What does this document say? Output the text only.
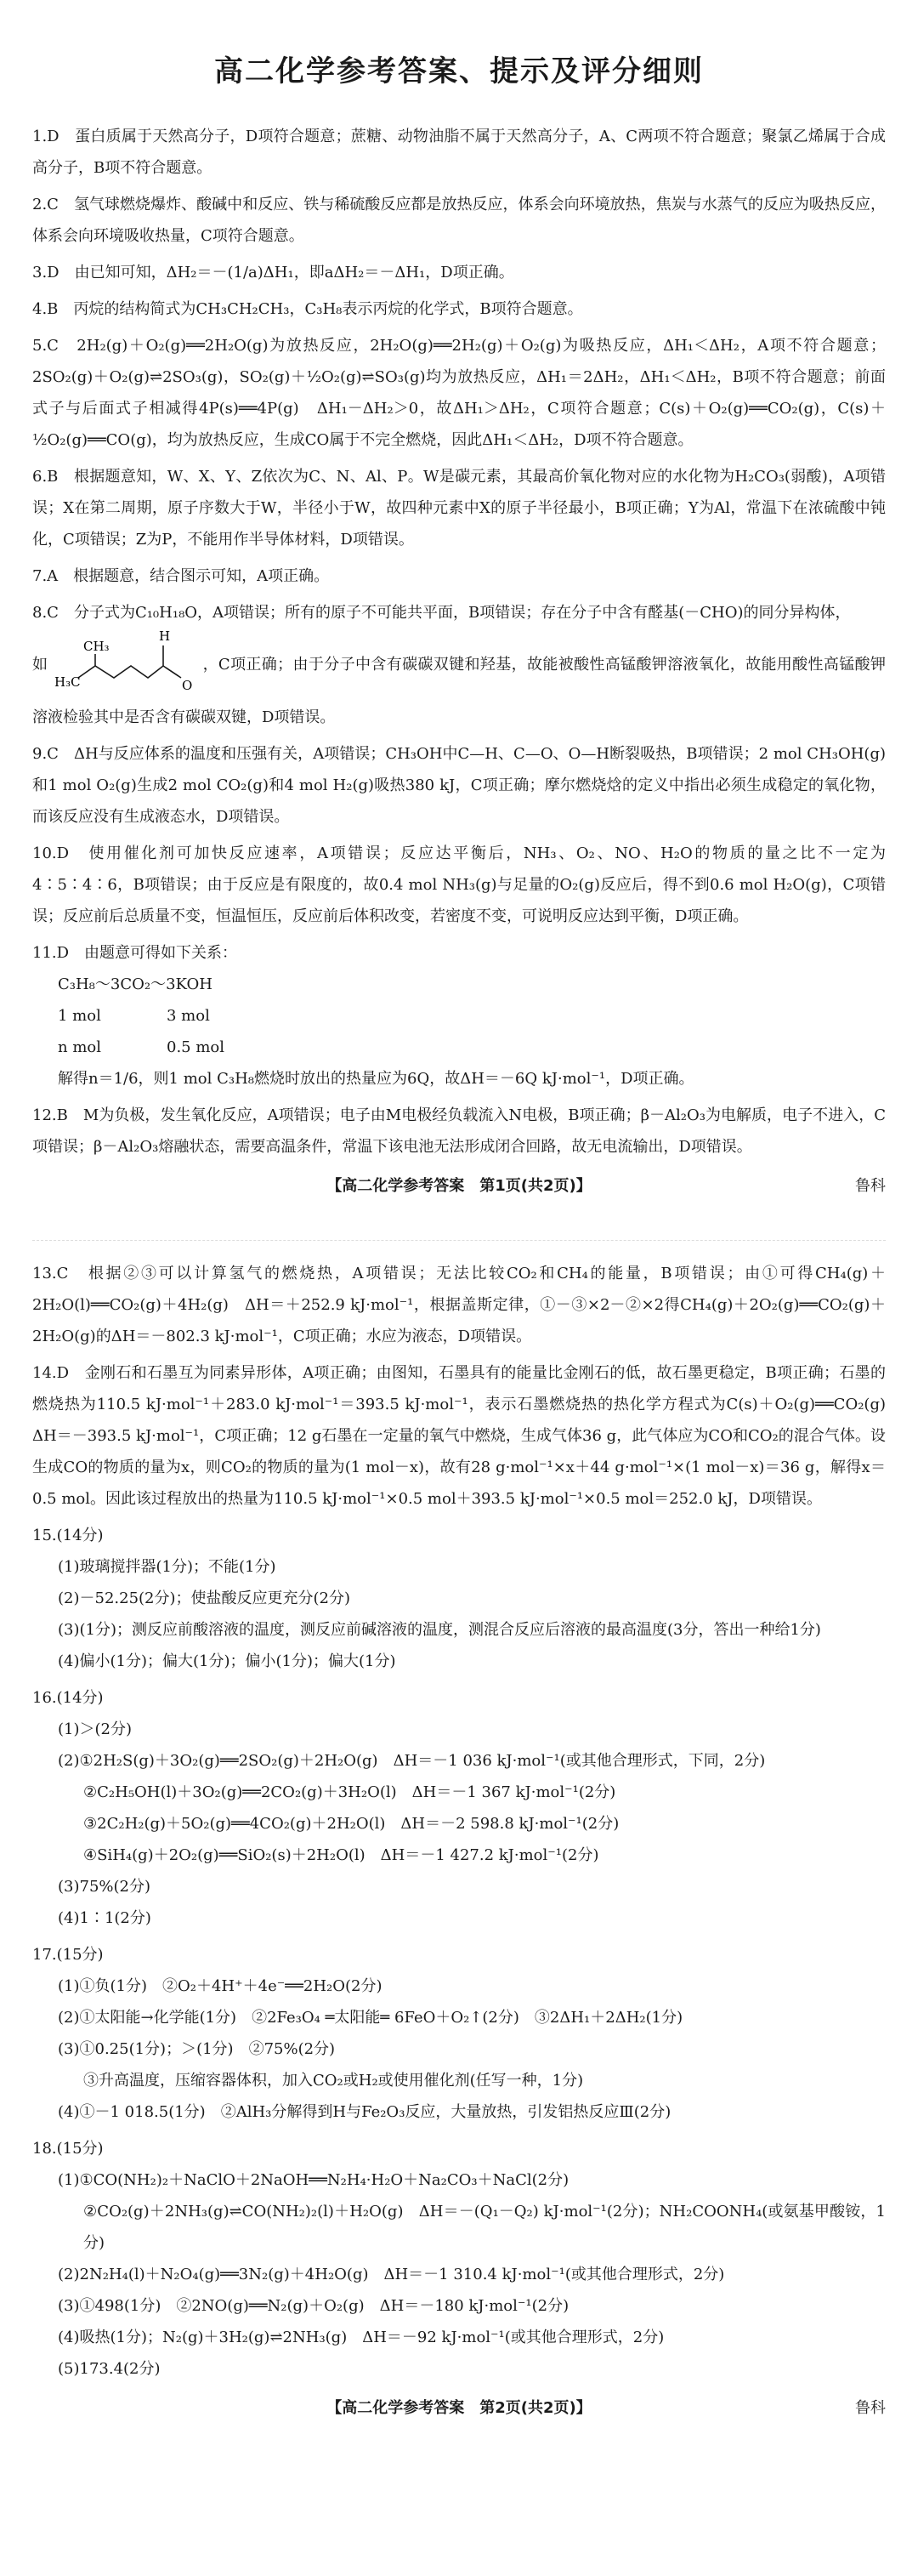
高二化学参考答案、提示及评分细则
1.D　蛋白质属于天然高分子，D项符合题意；蔗糖、动物油脂不属于天然高分子，A、C两项不符合题意；聚氯乙烯属于合成高分子，B项不符合题意。
2.C　氢气球燃烧爆炸、酸碱中和反应、铁与稀硫酸反应都是放热反应，体系会向环境放热，焦炭与水蒸气的反应为吸热反应，体系会向环境吸收热量，C项符合题意。
3.D　由已知可知，ΔH₂＝－(1/a)ΔH₁，即aΔH₂＝－ΔH₁，D项正确。
4.B　丙烷的结构简式为CH₃CH₂CH₃，C₃H₈表示丙烷的化学式，B项符合题意。
5.C　2H₂(g)＋O₂(g)══2H₂O(g)为放热反应，2H₂O(g)══2H₂(g)＋O₂(g)为吸热反应，ΔH₁＜ΔH₂，A项不符合题意；2SO₂(g)＋O₂(g)⇌2SO₃(g)，SO₂(g)＋½O₂(g)⇌SO₃(g)均为放热反应，ΔH₁＝2ΔH₂，ΔH₁＜ΔH₂，B项不符合题意；前面式子与后面式子相减得4P(s)══4P(g)　ΔH₁－ΔH₂＞0，故ΔH₁＞ΔH₂，C项符合题意；C(s)＋O₂(g)══CO₂(g)，C(s)＋½O₂(g)══CO(g)，均为放热反应，生成CO属于不完全燃烧，因此ΔH₁＜ΔH₂，D项不符合题意。
6.B　根据题意知，W、X、Y、Z依次为C、N、Al、P。W是碳元素，其最高价氧化物对应的水化物为H₂CO₃(弱酸)，A项错误；X在第二周期，原子序数大于W，半径小于W，故四种元素中X的原子半径最小，B项正确；Y为Al，常温下在浓硫酸中钝化，C项错误；Z为P，不能用作半导体材料，D项错误。
7.A　根据题意，结合图示可知，A项正确。
8.C　分子式为C₁₀H₁₈O，A项错误；所有的原子不可能共平面，B项错误；存在分子中含有醛基(－CHO)的同分异构体，
如
H₃C
CH₃
H
O
，C项正确；由于分子中含有碳碳双键和羟基，故能被酸性高锰酸钾溶液氧化，故能用酸性高锰酸钾溶液检验其中是否含有碳碳双键，D项错误。
9.C　ΔH与反应体系的温度和压强有关，A项错误；CH₃OH中C—H、C—O、O—H断裂吸热，B项错误；2 mol CH₃OH(g)和1 mol O₂(g)生成2 mol CO₂(g)和4 mol H₂(g)吸热380 kJ，C项正确；摩尔燃烧焓的定义中指出必须生成稳定的氧化物，而该反应没有生成液态水，D项错误。
10.D　使用催化剂可加快反应速率，A项错误；反应达平衡后，NH₃、O₂、NO、H₂O的物质的量之比不一定为4∶5∶4∶6，B项错误；由于反应是有限度的，故0.4 mol NH₃(g)与足量的O₂(g)反应后，得不到0.6 mol H₂O(g)，C项错误；反应前后总质量不变，恒温恒压，反应前后体积改变，若密度不变，可说明反应达到平衡，D项正确。
11.D　由题意可得如下关系：
C₃H₈～3CO₂～3KOH
1 mol	3 mol
n mol	0.5 mol
解得n＝1/6，则1 mol C₃H₈燃烧时放出的热量应为6Q，故ΔH＝－6Q kJ·mol⁻¹，D项正确。
12.B　M为负极，发生氧化反应，A项错误；电子由M电极经负载流入N电极，B项正确；β－Al₂O₃为电解质，电子不进入，C项错误；β－Al₂O₃熔融状态，需要高温条件，常温下该电池无法形成闭合回路，故无电流输出，D项错误。
【高二化学参考答案　第1页(共2页)】	鲁科
13.C　根据②③可以计算氢气的燃烧热，A项错误；无法比较CO₂和CH₄的能量，B项错误；由①可得CH₄(g)＋2H₂O(l)══CO₂(g)＋4H₂(g)　ΔH＝＋252.9 kJ·mol⁻¹，根据盖斯定律，①－③×2－②×2得CH₄(g)＋2O₂(g)══CO₂(g)＋2H₂O(g)的ΔH＝－802.3 kJ·mol⁻¹，C项正确；水应为液态，D项错误。
14.D　金刚石和石墨互为同素异形体，A项正确；由图知，石墨具有的能量比金刚石的低，故石墨更稳定，B项正确；石墨的燃烧热为110.5 kJ·mol⁻¹＋283.0 kJ·mol⁻¹＝393.5 kJ·mol⁻¹，表示石墨燃烧热的热化学方程式为C(s)＋O₂(g)══CO₂(g)　ΔH＝－393.5 kJ·mol⁻¹，C项正确；12 g石墨在一定量的氧气中燃烧，生成气体36 g，此气体应为CO和CO₂的混合气体。设生成CO的物质的量为x，则CO₂的物质的量为(1 mol－x)，故有28 g·mol⁻¹×x＋44 g·mol⁻¹×(1 mol－x)＝36 g，解得x＝0.5 mol。因此该过程放出的热量为110.5 kJ·mol⁻¹×0.5 mol＋393.5 kJ·mol⁻¹×0.5 mol＝252.0 kJ，D项错误。
15.(14分)
(1)玻璃搅拌器(1分)；不能(1分)
(2)－52.25(2分)；使盐酸反应更充分(2分)
(3)(1分)；测反应前酸溶液的温度，测反应前碱溶液的温度，测混合反应后溶液的最高温度(3分，答出一种给1分)
(4)偏小(1分)；偏大(1分)；偏小(1分)；偏大(1分)
16.(14分)
(1)＞(2分)
(2)①2H₂S(g)＋3O₂(g)══2SO₂(g)＋2H₂O(g)　ΔH＝－1 036 kJ·mol⁻¹(或其他合理形式，下同，2分)
②C₂H₅OH(l)＋3O₂(g)══2CO₂(g)＋3H₂O(l)　ΔH＝－1 367 kJ·mol⁻¹(2分)
③2C₂H₂(g)＋5O₂(g)══4CO₂(g)＋2H₂O(l)　ΔH＝－2 598.8 kJ·mol⁻¹(2分)
④SiH₄(g)＋2O₂(g)══SiO₂(s)＋2H₂O(l)　ΔH＝－1 427.2 kJ·mol⁻¹(2分)
(3)75%(2分)
(4)1∶1(2分)
17.(15分)
(1)①负(1分)　②O₂＋4H⁺＋4e⁻══2H₂O(2分)
(2)①太阳能→化学能(1分)　②2Fe₃O₄ ═太阳能═ 6FeO＋O₂↑(2分)　③2ΔH₁＋2ΔH₂(1分)
(3)①0.25(1分)；＞(1分)　②75%(2分)
③升高温度，压缩容器体积，加入CO₂或H₂或使用催化剂(任写一种，1分)
(4)①－1 018.5(1分)　②AlH₃分解得到H与Fe₂O₃反应，大量放热，引发铝热反应Ⅲ(2分)
18.(15分)
(1)①CO(NH₂)₂＋NaClO＋2NaOH══N₂H₄·H₂O＋Na₂CO₃＋NaCl(2分)
②CO₂(g)＋2NH₃(g)⇌CO(NH₂)₂(l)＋H₂O(g)　ΔH＝－(Q₁－Q₂) kJ·mol⁻¹(2分)；NH₂COONH₄(或氨基甲酸铵，1分)
(2)2N₂H₄(l)＋N₂O₄(g)══3N₂(g)＋4H₂O(g)　ΔH＝－1 310.4 kJ·mol⁻¹(或其他合理形式，2分)
(3)①498(1分)　②2NO(g)══N₂(g)＋O₂(g)　ΔH＝－180 kJ·mol⁻¹(2分)
(4)吸热(1分)；N₂(g)＋3H₂(g)⇌2NH₃(g)　ΔH＝－92 kJ·mol⁻¹(或其他合理形式，2分)
(5)173.4(2分)
【高二化学参考答案　第2页(共2页)】	鲁科
